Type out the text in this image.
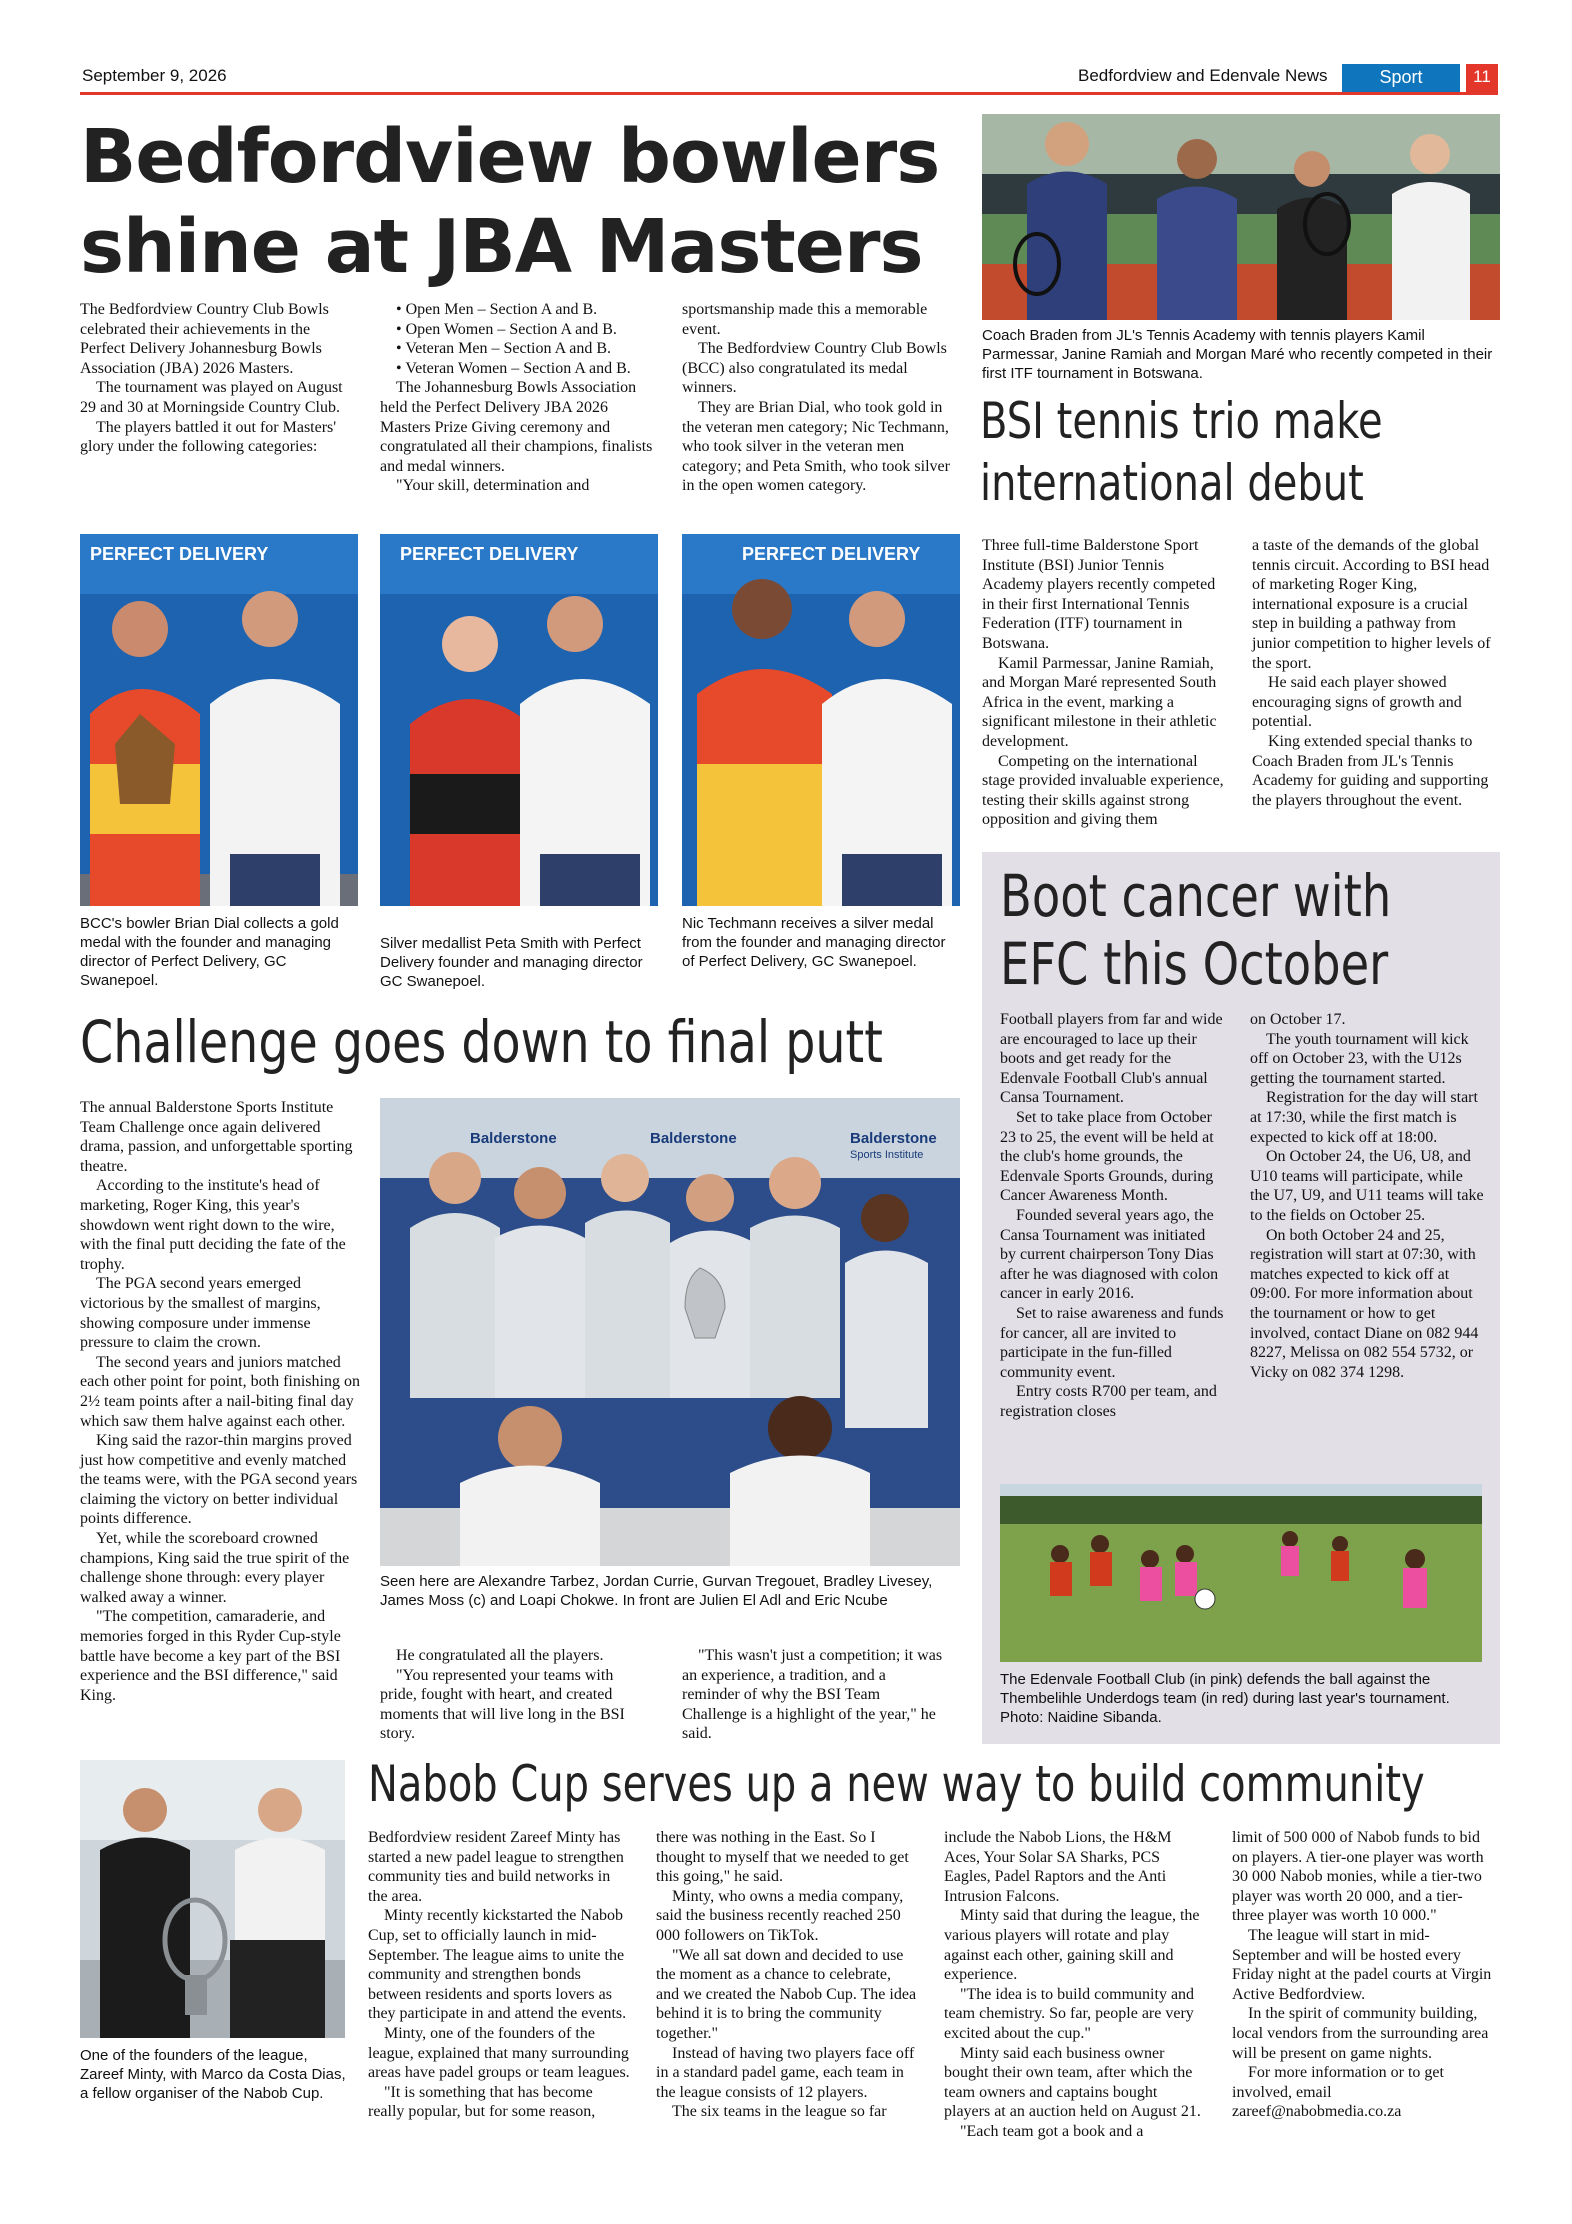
September 9, 2026	Bedfordview and Edenvale News	Sport	11
Bedfordview bowlers
shine at JBA Masters

The Bedfordview Country Club Bowls celebrated their achievements in the Perfect Delivery Johannesburg Bowls Association (JBA) 2026 Masters.

The tournament was played on August 29 and 30 at Morningside Country Club.

The players battled it out for Masters' glory under the following categories:

• Open Men – Section A and B.

• Open Women – Section A and B.

• Veteran Men – Section A and B.

• Veteran Women – Section A and B.

The Johannesburg Bowls Association held the Perfect Delivery JBA 2026 Masters Prize Giving ceremony and congratulated all their champions, finalists and medal winners.

"Your skill, determination and

sportsmanship made this a memorable event.

The Bedfordview Country Club Bowls (BCC) also congratulated its medal winners.

They are Brian Dial, who took gold in the veteran men category; Nic Techmann, who took silver in the veteran men category; and Peta Smith, who took silver in the open women category.

PERFECT DELIVERY
BCC's bowler Brian Dial collects a gold medal with the founder and managing director of Perfect Delivery, GC Swanepoel.
PERFECT DELIVERY
Silver medallist Peta Smith with Perfect Delivery founder and managing director GC Swanepoel.
PERFECT DELIVERY
Nic Techmann receives a silver medal from the founder and managing director of Perfect Delivery, GC Swanepoel.
Coach Braden from JL's Tennis Academy with tennis players Kamil Parmessar, Janine Ramiah and Morgan Maré who recently competed in their first ITF tournament in Botswana.
BSI tennis trio make
international debut

Three full-time Balderstone Sport Institute (BSI) Junior Tennis Academy players recently competed in their first International Tennis Federation (ITF) tournament in Botswana.

Kamil Parmessar, Janine Ramiah, and Morgan Maré represented South Africa in the event, marking a significant milestone in their athletic development.

Competing on the international stage provided invaluable experience, testing their skills against strong opposition and giving them

a taste of the demands of the global tennis circuit. According to BSI head of marketing Roger King, international exposure is a crucial step in building a pathway from junior competition to higher levels of the sport.

He said each player showed encouraging signs of growth and potential.

King extended special thanks to Coach Braden from JL's Tennis Academy for guiding and supporting the players throughout the event.

Boot cancer with
EFC this October

Football players from far and wide are encouraged to lace up their boots and get ready for the Edenvale Football Club's annual Cansa Tournament.

Set to take place from October 23 to 25, the event will be held at the club's home grounds, the Edenvale Sports Grounds, during Cancer Awareness Month.

Founded several years ago, the Cansa Tournament was initiated by current chairperson Tony Dias after he was diagnosed with colon cancer in early 2016.

Set to raise awareness and funds for cancer, all are invited to participate in the fun-filled community event.

Entry costs R700 per team, and registration closes

on October 17.

The youth tournament will kick off on October 23, with the U12s getting the tournament started.

Registration for the day will start at 17:30, while the first match is expected to kick off at 18:00.

On October 24, the U6, U8, and U10 teams will participate, while the U7, U9, and U11 teams will take to the fields on October 25.

On both October 24 and 25, registration will start at 07:30, with matches expected to kick off at 09:00. For more information about the tournament or how to get involved, contact Diane on 082 944 8227, Melissa on 082 554 5732, or Vicky on 082 374 1298.

The Edenvale Football Club (in pink) defends the ball against the Thembelihle Underdogs team (in red) during last year's tournament. Photo: Naidine Sibanda.
Challenge goes down to final putt

The annual Balderstone Sports Institute Team Challenge once again delivered drama, passion, and unforgettable sporting theatre.

According to the institute's head of marketing, Roger King, this year's showdown went right down to the wire, with the final putt deciding the fate of the trophy.

The PGA second years emerged victorious by the smallest of margins, showing composure under immense pressure to claim the crown.

The second years and juniors matched each other point for point, both finishing on 2½ team points after a nail-biting final day which saw them halve against each other.

King said the razor-thin margins proved just how competitive and evenly matched the teams were, with the PGA second years claiming the victory on better individual points difference.

Yet, while the scoreboard crowned champions, King said the true spirit of the challenge shone through: every player walked away a winner.

"The competition, camaraderie, and memories forged in this Ryder Cup-style battle have become a key part of the BSI experience and the BSI difference," said King.

Balderstone	Balderstone	Balderstone
Sports Institute
Seen here are Alexandre Tarbez, Jordan Currie, Gurvan Tregouet, Bradley Livesey, James Moss (c) and Loapi Chokwe. In front are Julien El Adl and Eric Ncube

He congratulated all the players.

"You represented your teams with pride, fought with heart, and created moments that will live long in the BSI story.

"This wasn't just a competition; it was an experience, a tradition, and a reminder of why the BSI Team Challenge is a highlight of the year," he said.

One of the founders of the league, Zareef Minty, with Marco da Costa Dias, a fellow organiser of the Nabob Cup.
Nabob Cup serves up a new way to build community

Bedfordview resident Zareef Minty has started a new padel league to strengthen community ties and build networks in the area.

Minty recently kickstarted the Nabob Cup, set to officially launch in mid-September. The league aims to unite the community and strengthen bonds between residents and sports lovers as they participate in and attend the events.

Minty, one of the founders of the league, explained that many surrounding areas have padel groups or team leagues.

"It is something that has become really popular, but for some reason,

there was nothing in the East. So I thought to myself that we needed to get this going," he said.

Minty, who owns a media company, said the business recently reached 250 000 followers on TikTok.

"We all sat down and decided to use the moment as a chance to celebrate, and we created the Nabob Cup. The idea behind it is to bring the community together."

Instead of having two players face off in a standard padel game, each team in the league consists of 12 players.

The six teams in the league so far

include the Nabob Lions, the H&M Aces, Your Solar SA Sharks, PCS Eagles, Padel Raptors and the Anti Intrusion Falcons.

Minty said that during the league, the various players will rotate and play against each other, gaining skill and experience.

"The idea is to build community and team chemistry. So far, people are very excited about the cup."

Minty said each business owner bought their own team, after which the team owners and captains bought players at an auction held on August 21.

"Each team got a book and a

limit of 500 000 of Nabob funds to bid on players. A tier-one player was worth 30 000 Nabob monies, while a tier-two player was worth 20 000, and a tier-three player was worth 10 000."

The league will start in mid-September and will be hosted every Friday night at the padel courts at Virgin Active Bedfordview.

In the spirit of community building, local vendors from the surrounding area will be present on game nights.

For more information or to get involved, email zareef@nabobmedia.co.za
